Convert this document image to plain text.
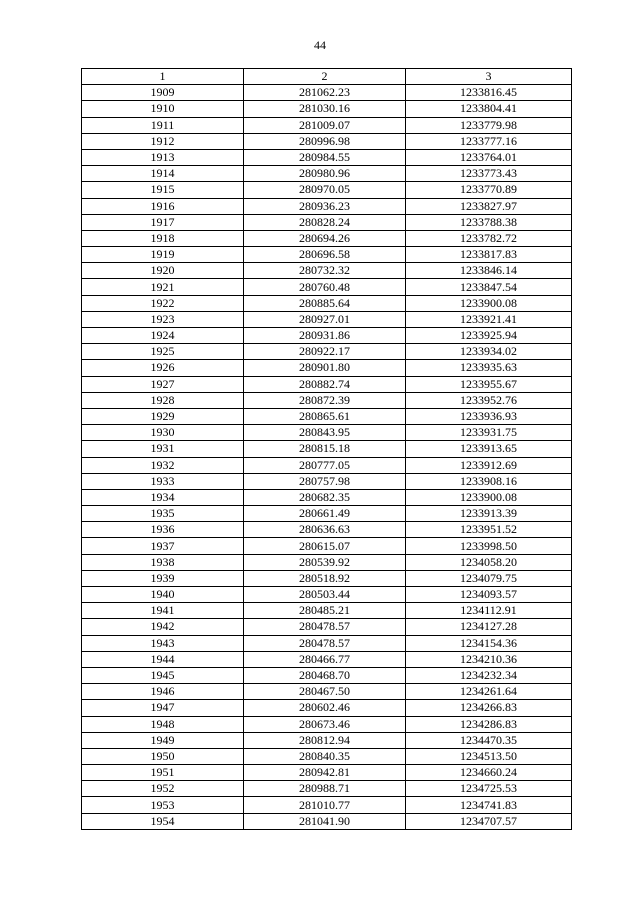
44
1	2	3
1909	281062.23	1233816.45
1910	281030.16	1233804.41
1911	281009.07	1233779.98
1912	280996.98	1233777.16
1913	280984.55	1233764.01
1914	280980.96	1233773.43
1915	280970.05	1233770.89
1916	280936.23	1233827.97
1917	280828.24	1233788.38
1918	280694.26	1233782.72
1919	280696.58	1233817.83
1920	280732.32	1233846.14
1921	280760.48	1233847.54
1922	280885.64	1233900.08
1923	280927.01	1233921.41
1924	280931.86	1233925.94
1925	280922.17	1233934.02
1926	280901.80	1233935.63
1927	280882.74	1233955.67
1928	280872.39	1233952.76
1929	280865.61	1233936.93
1930	280843.95	1233931.75
1931	280815.18	1233913.65
1932	280777.05	1233912.69
1933	280757.98	1233908.16
1934	280682.35	1233900.08
1935	280661.49	1233913.39
1936	280636.63	1233951.52
1937	280615.07	1233998.50
1938	280539.92	1234058.20
1939	280518.92	1234079.75
1940	280503.44	1234093.57
1941	280485.21	1234112.91
1942	280478.57	1234127.28
1943	280478.57	1234154.36
1944	280466.77	1234210.36
1945	280468.70	1234232.34
1946	280467.50	1234261.64
1947	280602.46	1234266.83
1948	280673.46	1234286.83
1949	280812.94	1234470.35
1950	280840.35	1234513.50
1951	280942.81	1234660.24
1952	280988.71	1234725.53
1953	281010.77	1234741.83
1954	281041.90	1234707.57
